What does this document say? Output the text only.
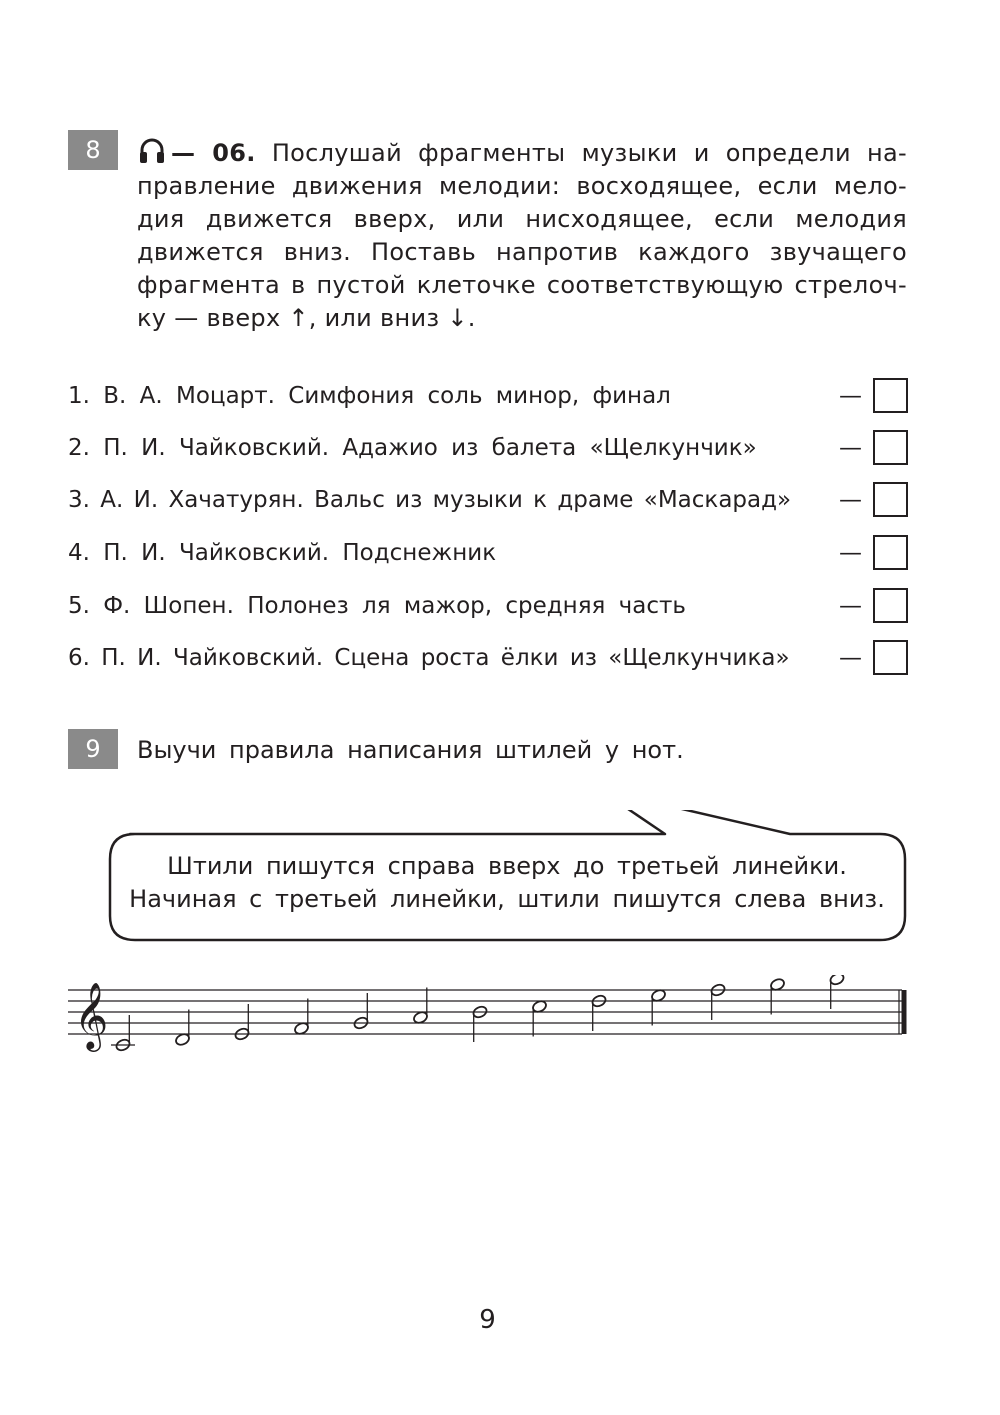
8	— 06. Послушай фрагменты музыки и определи на-

правление движения мелодии: восходящее, если мело-

дия движется вверх, или нисходящее, если мелодия

движется вниз. Поставь напротив каждого звучащего

фрагмента в пустой клеточке соответствующую стрелоч-

ку — вверх ↑, или вниз ↓.

1. В. А. Моцарт. Симфония соль минор, финал	—
2. П. И. Чайковский. Адажио из балета «Щелкунчик»	—
3. А. И. Хачатурян. Вальс из музыки к драме «Маскарад» —
4. П. И. Чайковский. Подснежник	—
5. Ф. Шопен. Полонез ля мажор, средняя часть	—
6. П. И. Чайковский. Сцена роста ёлки из «Щелкунчика» —
9	Выучи правила написания штилей у нот.

Штили пишутся справа вверх до третьей линейки.

Начиная с третьей линейки, штили пишутся слева вниз.

𝄞
9
